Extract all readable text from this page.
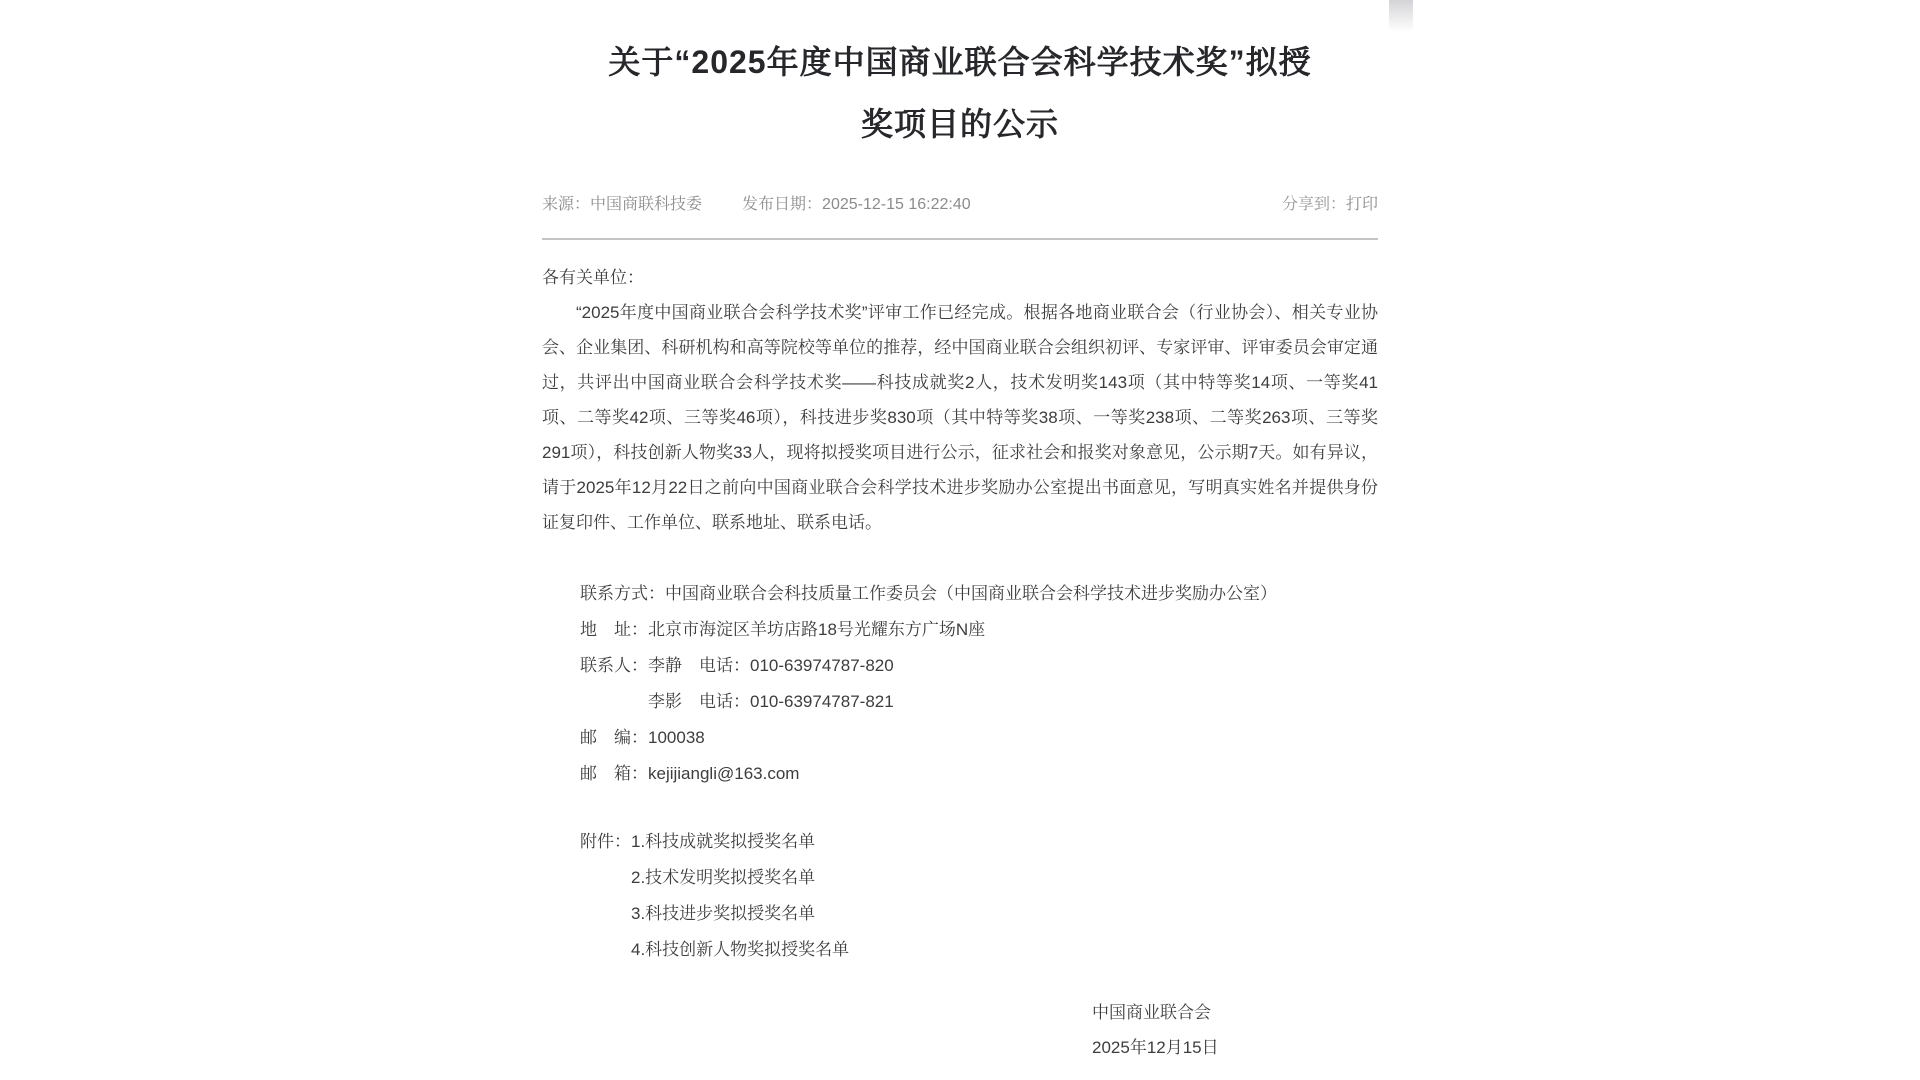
关于“2025年度中国商业联合会科学技术奖”拟授
奖项目的公示
来源：中国商联科技委	发布日期：2025-12-15 16:22:40	分享到：打印
各有关单位：

“2025年度中国商业联合会科学技术奖”评审工作已经完成。根据各地商业联合会（行业协会）、相关专业协会、企业集团、科研机构和高等院校等单位的推荐，经中国商业联合会组织初评、专家评审、评审委员会审定通过，共评出中国商业联合会科学技术奖——科技成就奖2人，技术发明奖143项（其中特等奖14项、一等奖41项、二等奖42项、三等奖46项），科技进步奖830项（其中特等奖38项、一等奖238项、二等奖263项、三等奖291项），科技创新人物奖33人，现将拟授奖项目进行公示，征求社会和报奖对象意见，公示期7天。如有异议，请于2025年12月22日之前向中国商业联合会科学技术进步奖励办公室提出书面意见，写明真实姓名并提供身份证复印件、工作单位、联系地址、联系电话。

联系方式：中国商业联合会科技质量工作委员会（中国商业联合会科学技术进步奖励办公室）
地　址：北京市海淀区羊坊店路18号光耀东方广场N座
联系人：李静　电话：010-63974787-820
　　　　李影　电话：010-63974787-821
邮　编：100038
邮　箱：kejijiangli@163.com
附件： 1.科技成就奖拟授奖名单
2.技术发明奖拟授奖名单
3.科技进步奖拟授奖名单
4.科技创新人物奖拟授奖名单
中国商业联合会
2025年12月15日
